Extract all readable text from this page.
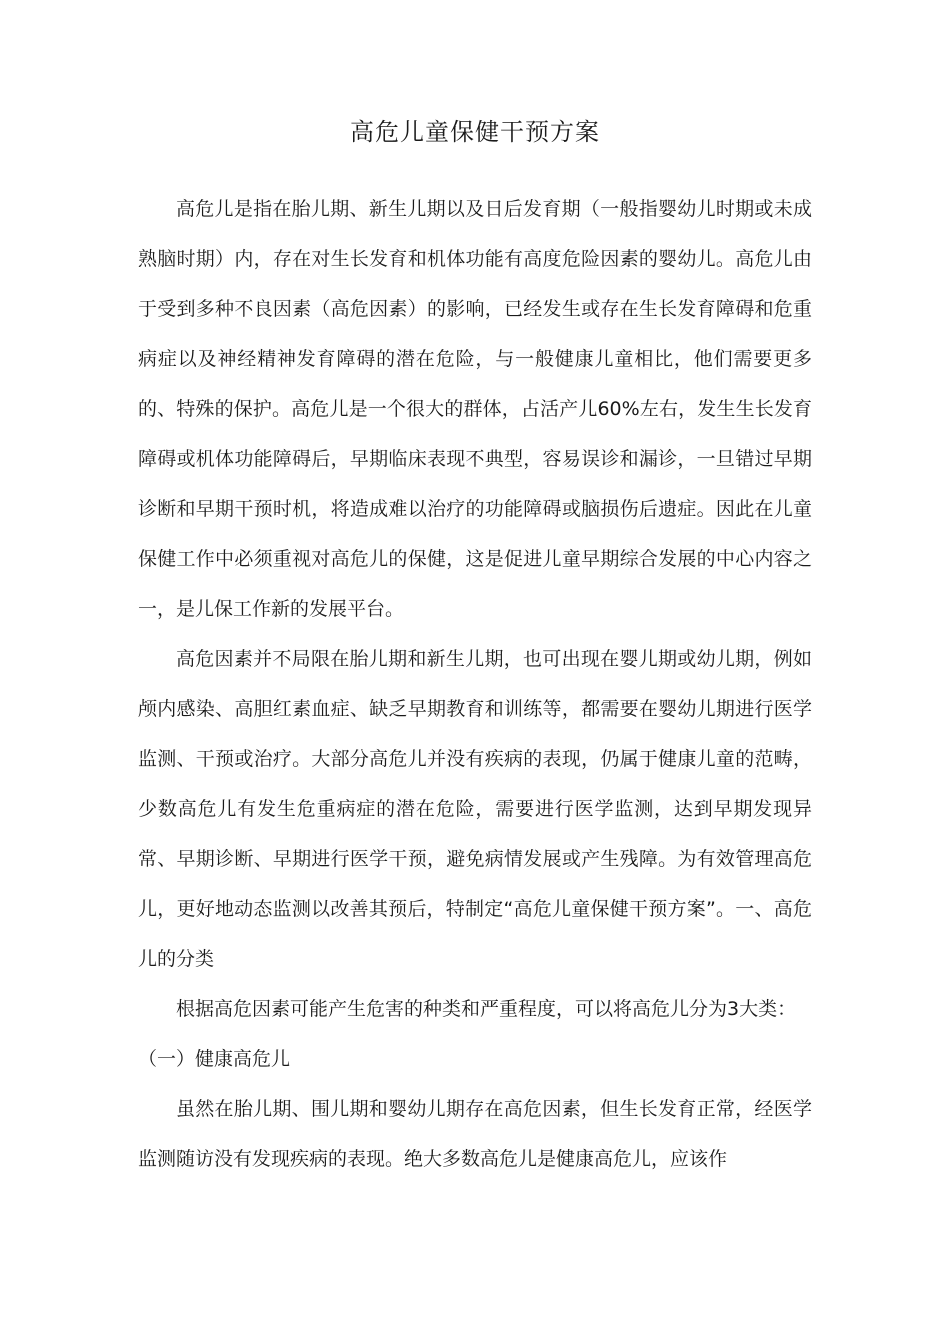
高危儿童保健干预方案

高危儿是指在胎儿期、新生儿期以及日后发育期（一般指婴幼儿时期或未成熟脑时期）内，存在对生长发育和机体功能有高度危险因素的婴幼儿。高危儿由于受到多种不良因素（高危因素）的影响，已经发生或存在生长发育障碍和危重病症以及神经精神发育障碍的潜在危险，与一般健康儿童相比，他们需要更多的、特殊的保护。高危儿是一个很大的群体，占活产儿60%左右，发生生长发育障碍或机体功能障碍后，早期临床表现不典型，容易误诊和漏诊，一旦错过早期诊断和早期干预时机，将造成难以治疗的功能障碍或脑损伤后遗症。因此在儿童保健工作中必须重视对高危儿的保健，这是促进儿童早期综合发展的中心内容之一，是儿保工作新的发展平台。

高危因素并不局限在胎儿期和新生儿期，也可出现在婴儿期或幼儿期，例如颅内感染、高胆红素血症、缺乏早期教育和训练等，都需要在婴幼儿期进行医学监测、干预或治疗。大部分高危儿并没有疾病的表现，仍属于健康儿童的范畴，少数高危儿有发生危重病症的潜在危险，需要进行医学监测，达到早期发现异常、早期诊断、早期进行医学干预，避免病情发展或产生残障。为有效管理高危儿，更好地动态监测以改善其预后，特制定“高危儿童保健干预方案”。一、高危儿的分类

根据高危因素可能产生危害的种类和严重程度，可以将高危儿分为3大类：

（一）健康高危儿

虽然在胎儿期、围儿期和婴幼儿期存在高危因素，但生长发育正常，经医学监测随访没有发现疾病的表现。绝大多数高危儿是健康高危儿，应该作
